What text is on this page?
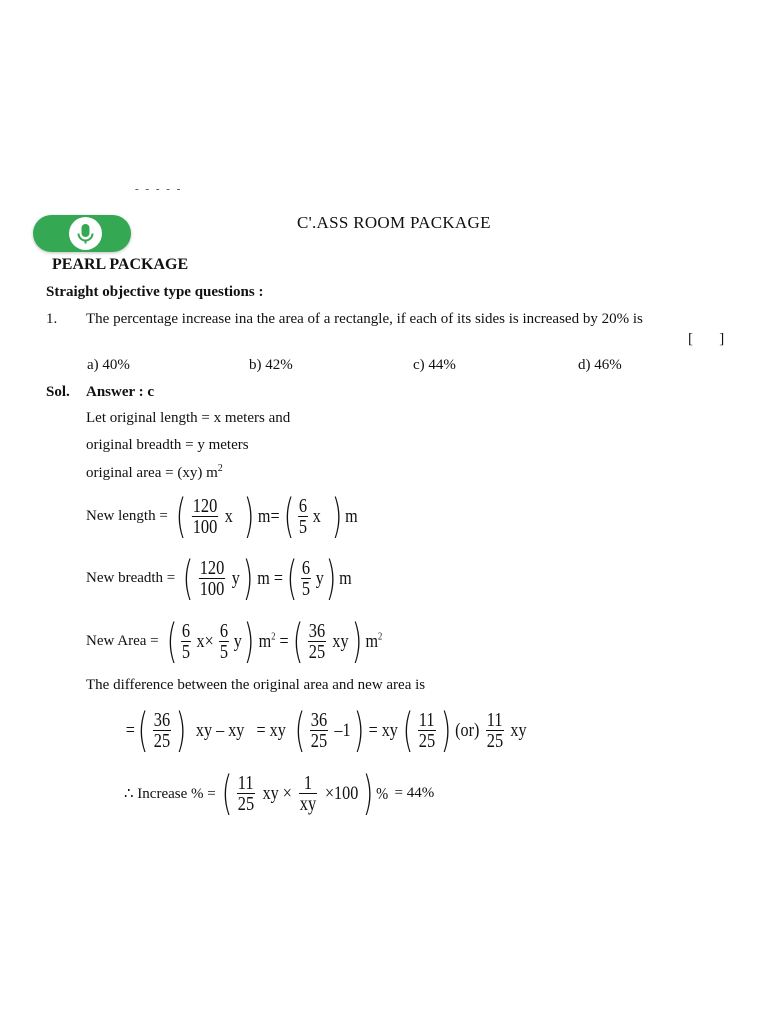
- - - - -
C'.ASS ROOM PACKAGE
PEARL PACKAGE
Straight objective type questions :
1. The percentage increase ina the area of a rectangle, if each of its sides is increased by 20% is
[       ]
a) 40%	b) 42%	c) 44%	d) 46%
Sol. Answer : c
Let original length = x meters and
original breadth = y meters
original area = (xy) $m^2$
New length = ( $\frac{120}{100}$ x ) m= ( $\frac{6}{5}$ x ) m
New breadth = ( $\frac{120}{100}$ y ) m = ( $\frac{6}{5}$ y ) m
New Area = ( $\frac{6}{5} x\times \frac{6}{5}$ y ) $m^2$ = ( $\frac{36}{25}$ xy ) $m^2$
The difference between the original area and new area is
= ( $\frac{36}{25}$ ) xy – xy   = xy ( $\frac{36}{25} -1$ ) = xy ( $\frac{11}{25}$ ) $(or) \frac{11}{25}$ xy
∴ Increase % = ( $\frac{11}{25}$ xy × $\frac{1}{xy} \times 100$ ) % = 44%
